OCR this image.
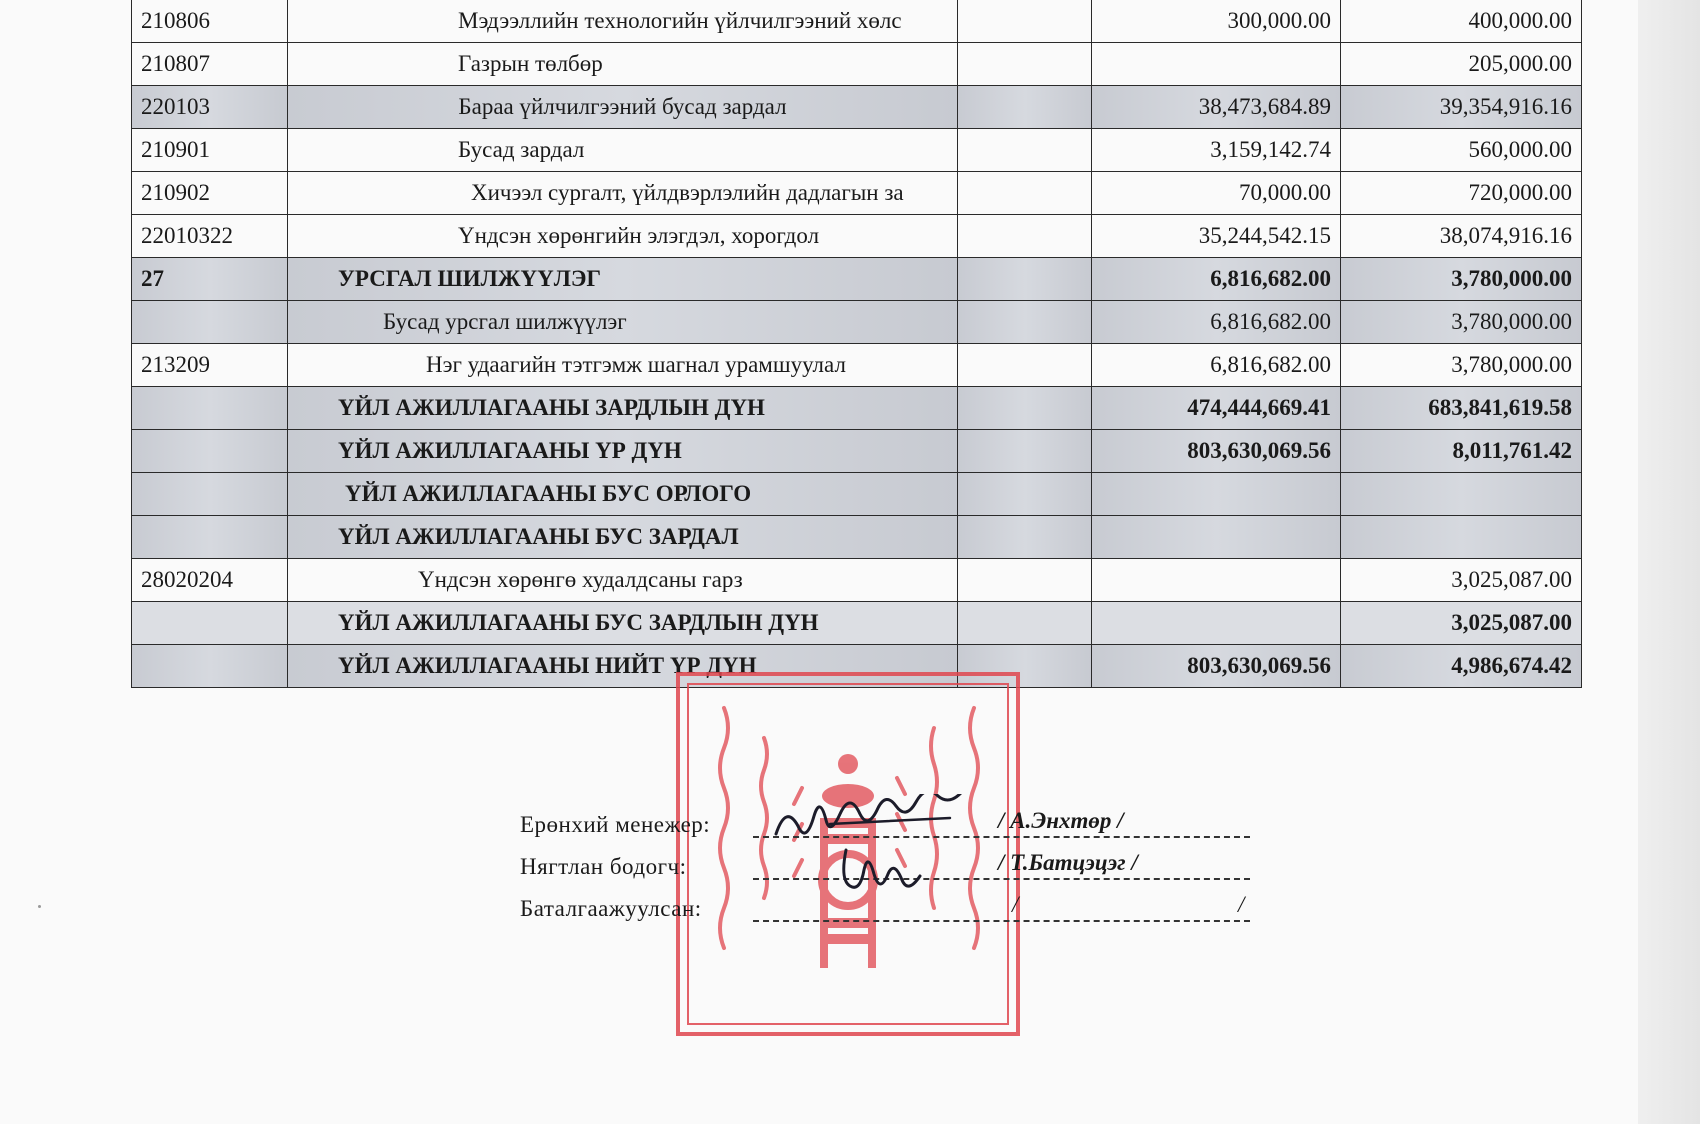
210806	Мэдээллийн технологийн үйлчилгээний хөлс		300,000.00	400,000.00
210807	Газрын төлбөр			205,000.00
220103	Бараа үйлчилгээний бусад зардал		38,473,684.89	39,354,916.16
210901	Бусад зардал		3,159,142.74	560,000.00
210902	Хичээл сургалт, үйлдвэрлэлийн дадлагын за		70,000.00	720,000.00
22010322	Үндсэн хөрөнгийн элэгдэл, хорогдол		35,244,542.15	38,074,916.16
27	УРСГАЛ ШИЛЖҮҮЛЭГ		6,816,682.00	3,780,000.00
	Бусад урсгал шилжүүлэг		6,816,682.00	3,780,000.00
213209	Нэг удаагийн тэтгэмж шагнал урамшуулал		6,816,682.00	3,780,000.00
	ҮЙЛ АЖИЛЛАГААНЫ ЗАРДЛЫН ДҮН		474,444,669.41	683,841,619.58
	ҮЙЛ АЖИЛЛАГААНЫ ҮР ДҮН		803,630,069.56	8,011,761.42
	ҮЙЛ АЖИЛЛАГААНЫ БУС ОРЛОГО			
	ҮЙЛ АЖИЛЛАГААНЫ БУС ЗАРДАЛ			
28020204	Үндсэн хөрөнгө худалдсаны гарз			3,025,087.00
	ҮЙЛ АЖИЛЛАГААНЫ БУС ЗАРДЛЫН ДҮН			3,025,087.00
	ҮЙЛ АЖИЛЛАГААНЫ НИЙТ ҮР ДҮН		803,630,069.56	4,986,674.42
Ерөнхий менежер:	/ А.Энхтөр /
Нягтлан бодогч:	/ Т.Батцэцэг /
Баталгаажуулсан:	/	/
